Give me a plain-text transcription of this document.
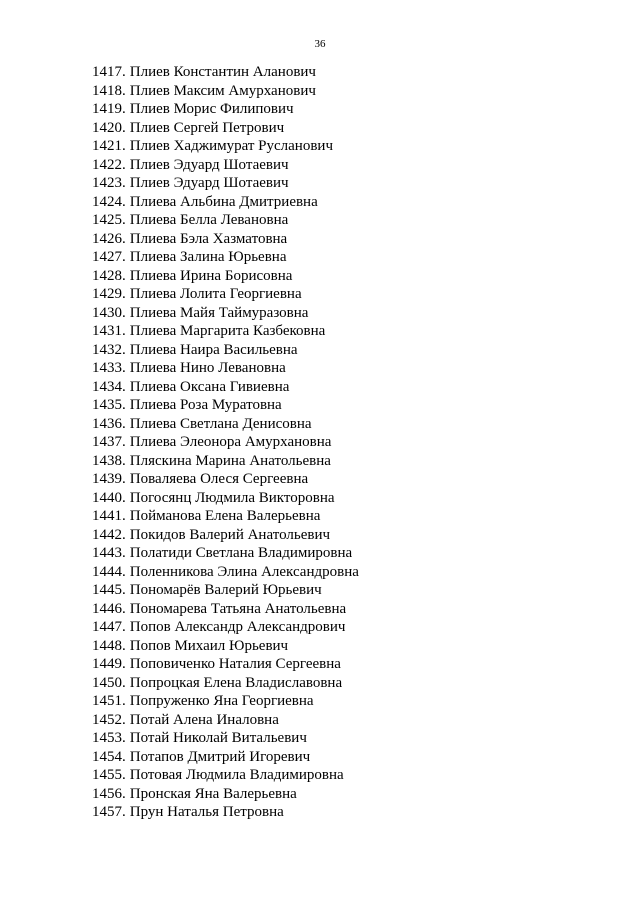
36
1417. Плиев Константин Аланович
1418. Плиев Максим Амурханович
1419. Плиев Морис Филипович
1420. Плиев Сергей Петрович
1421. Плиев Хаджимурат Русланович
1422. Плиев Эдуард Шотаевич
1423. Плиев Эдуард Шотаевич
1424. Плиева Альбина Дмитриевна
1425. Плиева Белла Левановна
1426. Плиева Бэла Хазматовна
1427. Плиева Залина Юрьевна
1428. Плиева Ирина Борисовна
1429. Плиева Лолита Георгиевна
1430. Плиева Майя Таймуразовна
1431. Плиева Маргарита Казбековна
1432. Плиева Наира Васильевна
1433. Плиева Нино Левановна
1434. Плиева Оксана Гивиевна
1435. Плиева Роза Муратовна
1436. Плиева Светлана Денисовна
1437. Плиева Элеонора Амурхановна
1438. Пляскина Марина Анатольевна
1439. Поваляева Олеся Сергеевна
1440. Погосянц Людмила Викторовна
1441. Пойманова Елена Валерьевна
1442. Покидов Валерий Анатольевич
1443. Полатиди Светлана Владимировна
1444. Поленникова Элина Александровна
1445. Пономарёв Валерий Юрьевич
1446. Пономарева Татьяна Анатольевна
1447. Попов Александр Александрович
1448. Попов Михаил Юрьевич
1449. Поповиченко Наталия Сергеевна
1450. Попроцкая Елена Владиславовна
1451. Попруженко Яна Георгиевна
1452. Потай Алена Иналовна
1453. Потай Николай Витальевич
1454. Потапов Дмитрий Игоревич
1455. Потовая Людмила Владимировна
1456. Пронская Яна Валерьевна
1457. Прун Наталья Петровна
